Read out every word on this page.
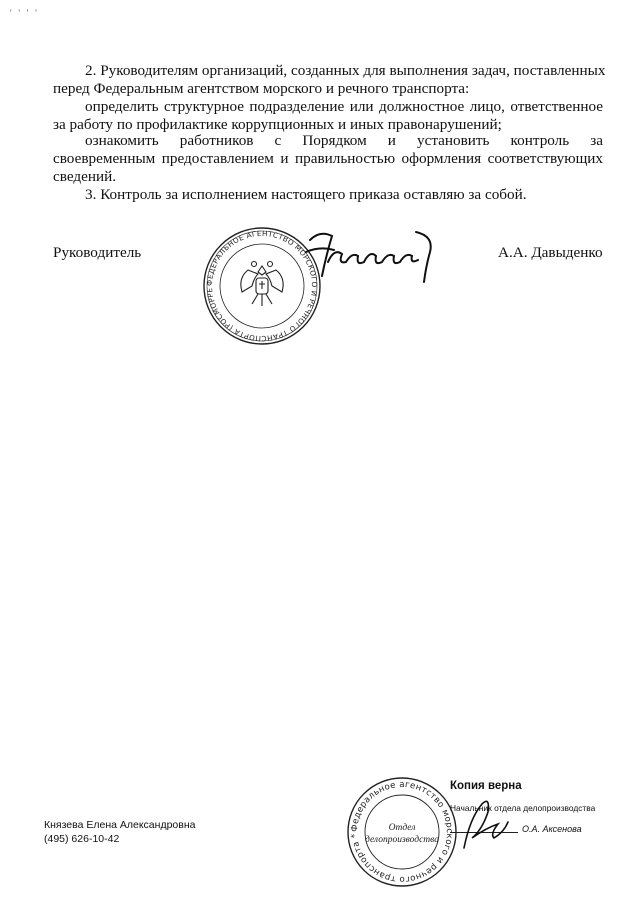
'   '   '   '
2. Руководителям организаций, созданных для выполнения задач, поставленных
перед Федеральным агентством морского и речного транспорта:
определить структурное подразделение или должностное лицо, ответственное за работу по профилактике коррупционных и иных правонарушений;
ознакомить работников с Порядком и установить контроль за своевременным предоставлением и правильностью оформления соответствующих сведений.
3. Контроль за исполнением настоящего приказа оставляю за собой.
Руководитель	А.А. Давыденко
ФЕДЕРАЛЬНОЕ АГЕНТСТВО МОРСКОГО И РЕЧНОГО ТРАНСПОРТА (РОСМОРРЕЧФЛОТ) * ОГРН 1047796301066 *
Князева Елена Александровна
(495) 626-10-42
Федеральное агентство морского и речного транспорта *
Отдел
делопроизводства
Копия верна
Начальник отдела делопроизводства
О.А. Аксенова
